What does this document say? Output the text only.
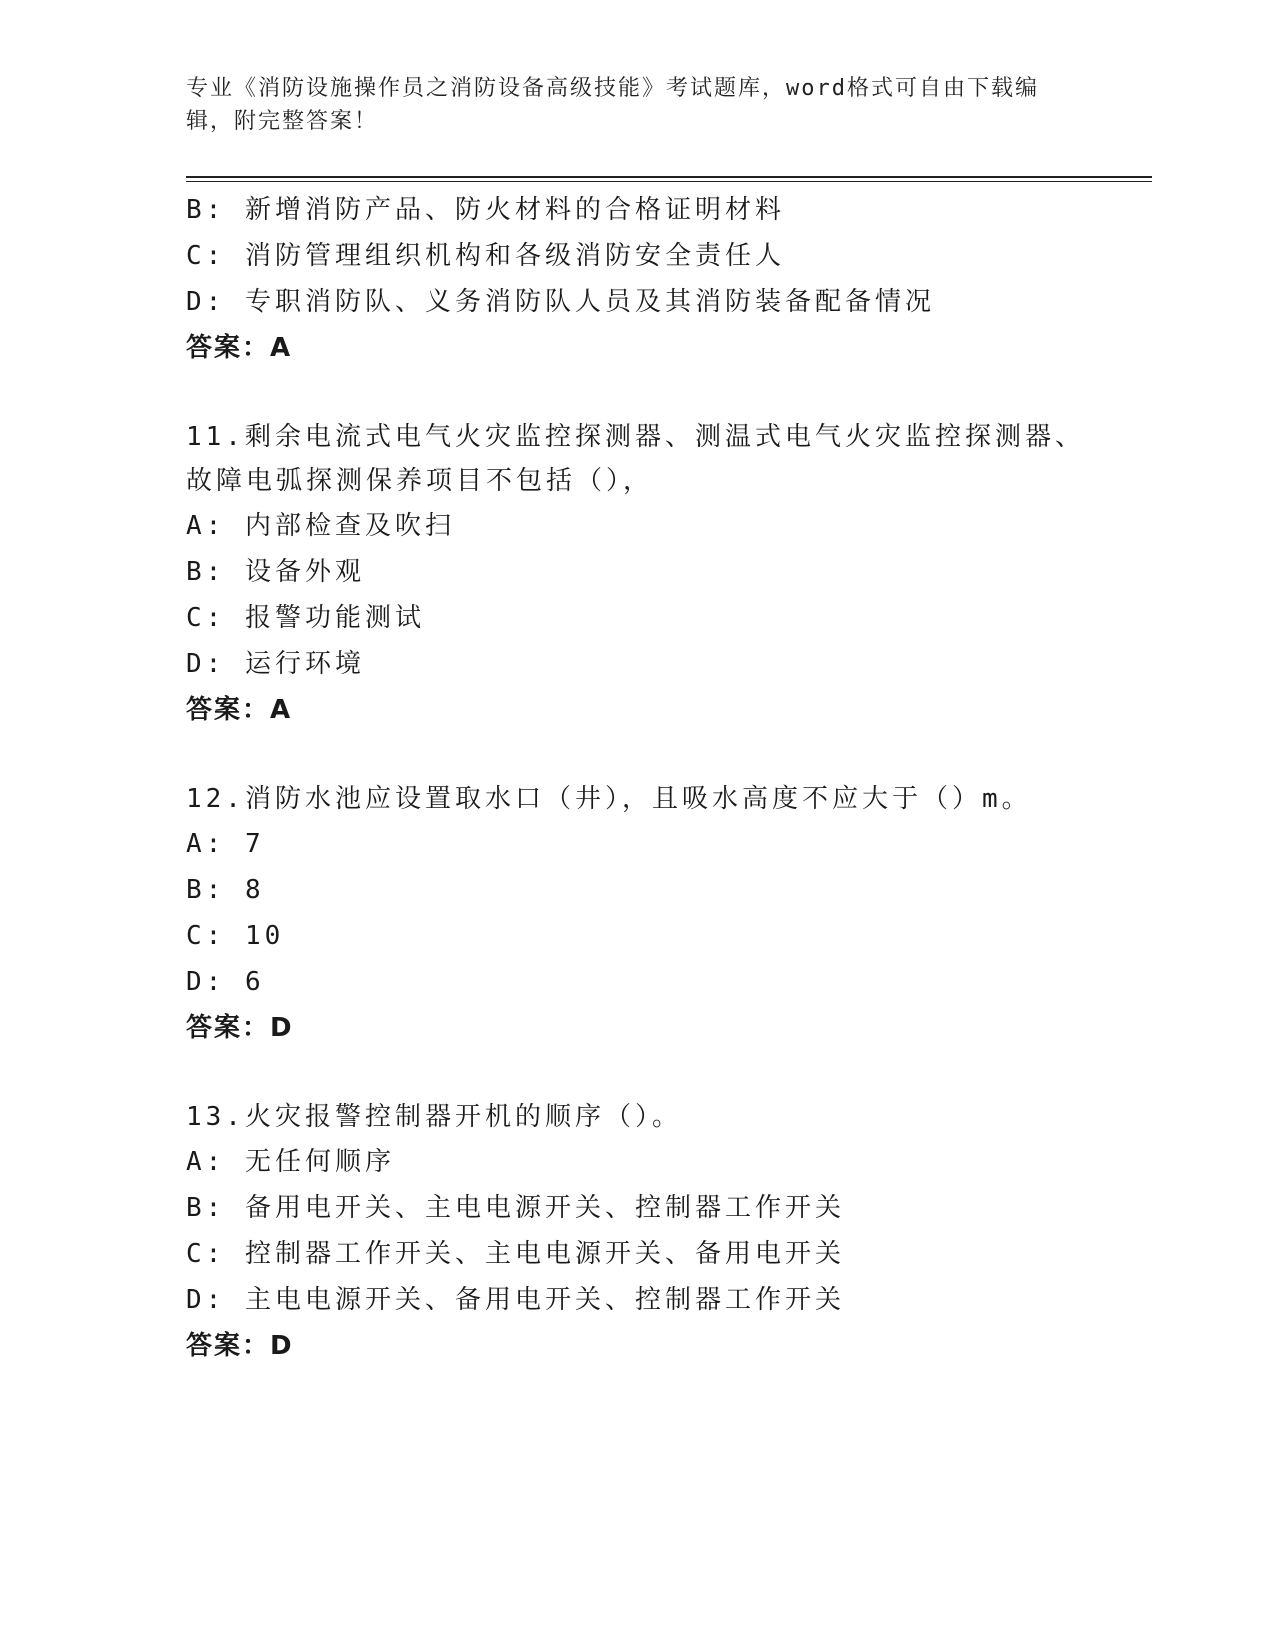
专业《消防设施操作员之消防设备高级技能》考试题库，word格式可自由下载编辑，附完整答案！
B: 新增消防产品、防火材料的合格证明材料
C: 消防管理组织机构和各级消防安全责任人
D: 专职消防队、义务消防队人员及其消防装备配备情况
答案：A
11.剩余电流式电气火灾监控探测器、测温式电气火灾监控探测器、故障电弧探测保养项目不包括（），
A: 内部检查及吹扫
B: 设备外观
C: 报警功能测试
D: 运行环境
答案：A
12.消防水池应设置取水口（井），且吸水高度不应大于（）m。
A: 7
B: 8
C: 10
D: 6
答案：D
13.火灾报警控制器开机的顺序（）。
A: 无任何顺序
B: 备用电开关、主电电源开关、控制器工作开关
C: 控制器工作开关、主电电源开关、备用电开关
D: 主电电源开关、备用电开关、控制器工作开关
答案：D
